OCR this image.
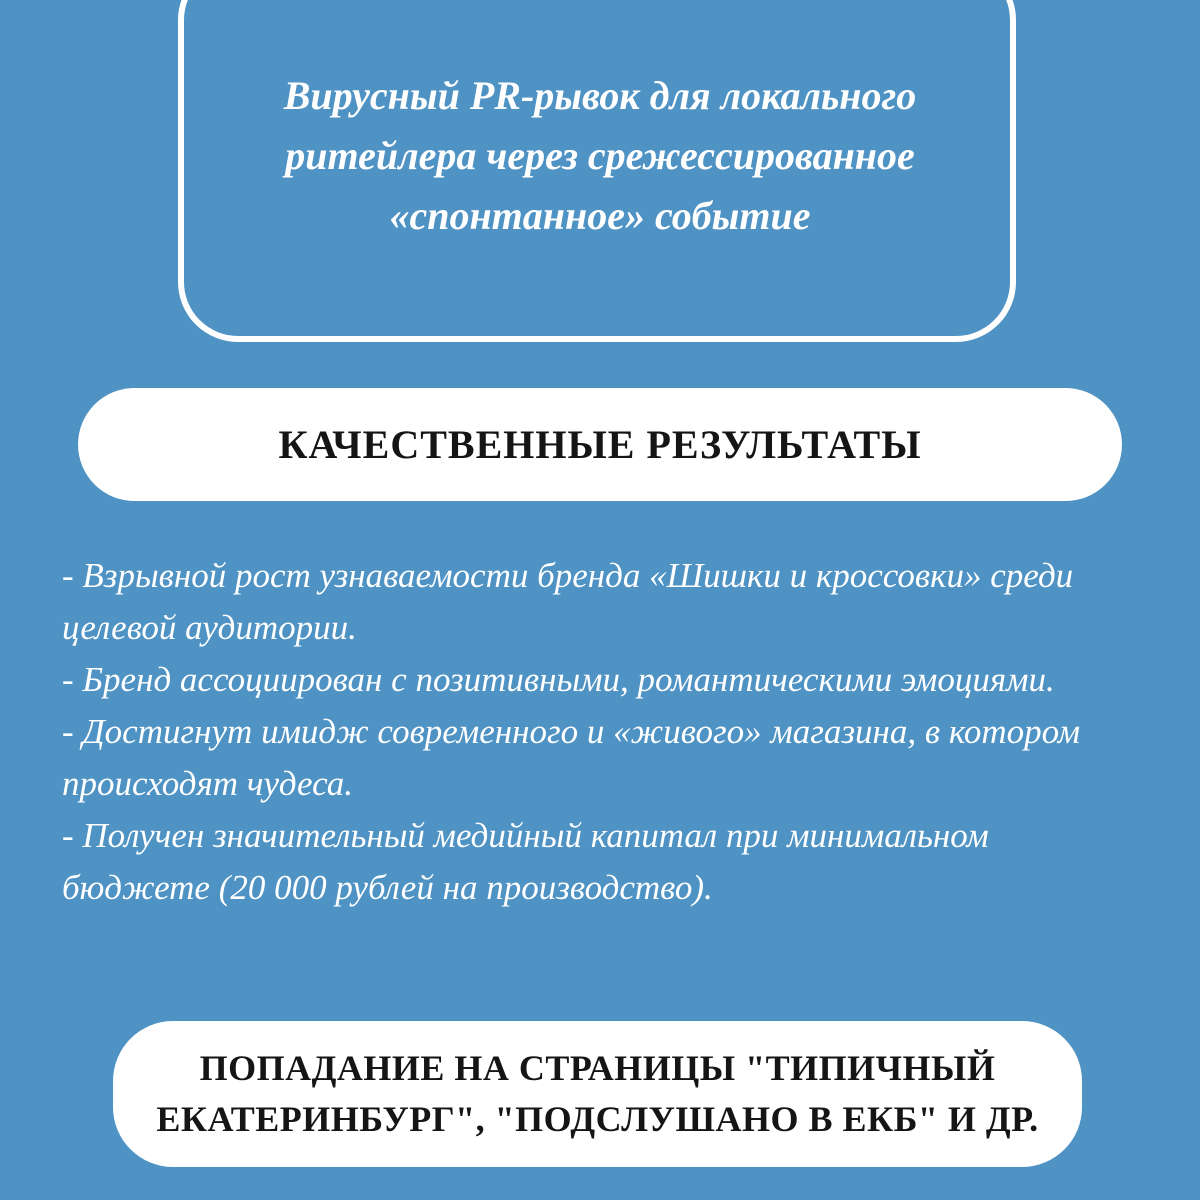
Вирусный PR-рывок для локального ритейлера через срежессированное «спонтанное» событие
КАЧЕСТВЕННЫЕ РЕЗУЛЬТАТЫ
- Взрывной рост узнаваемости бренда «Шишки и кроссовки» среди целевой аудитории.
- Бренд ассоциирован с позитивными, романтическими эмоциями.
- Достигнут имидж современного и «живого» магазина, в котором происходят чудеса.
- Получен значительный медийный капитал при минимальном бюджете (20 000 рублей на производство).
ПОПАДАНИЕ НА СТРАНИЦЫ "ТИПИЧНЫЙ ЕКАТЕРИНБУРГ", "ПОДСЛУШАНО В ЕКБ" И ДР.
